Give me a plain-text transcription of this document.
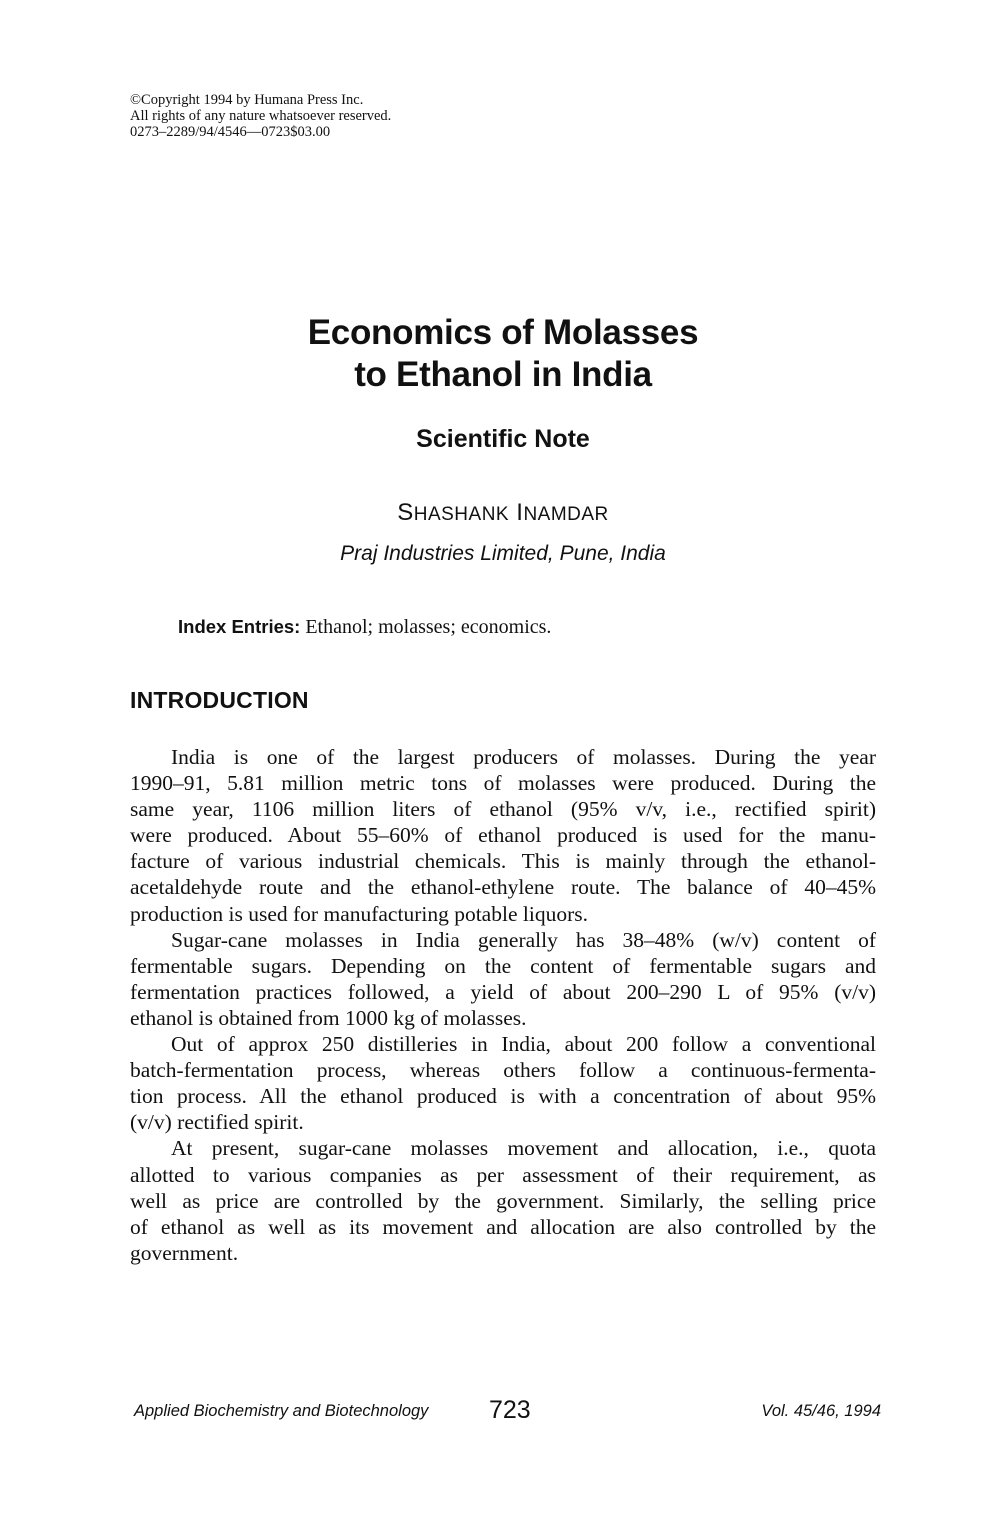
©Copyright 1994 by Humana Press Inc.
All rights of any nature whatsoever reserved.
0273–2289/94/4546—0723$03.00
Economics of Molasses
to Ethanol in India
Scientific Note
SHASHANK INAMDAR
Praj Industries Limited, Pune, India
Index Entries: Ethanol; molasses; economics.
INTRODUCTION
India is one of the largest producers of molasses. During the year
1990–91, 5.81 million metric tons of molasses were produced. During the
same year, 1106 million liters of ethanol (95% v/v, i.e., rectified spirit)
were produced. About 55–60% of ethanol produced is used for the manu-
facture of various industrial chemicals. This is mainly through the ethanol-
acetaldehyde route and the ethanol-ethylene route. The balance of 40–45%
production is used for manufacturing potable liquors.
Sugar-cane molasses in India generally has 38–48% (w/v) content of
fermentable sugars. Depending on the content of fermentable sugars and
fermentation practices followed, a yield of about 200–290 L of 95% (v/v)
ethanol is obtained from 1000 kg of molasses.
Out of approx 250 distilleries in India, about 200 follow a conventional
batch-fermentation process, whereas others follow a continuous-fermenta-
tion process. All the ethanol produced is with a concentration of about 95%
(v/v) rectified spirit.
At present, sugar-cane molasses movement and allocation, i.e., quota
allotted to various companies as per assessment of their requirement, as
well as price are controlled by the government. Similarly, the selling price
of ethanol as well as its movement and allocation are also controlled by the
government.
Applied Biochemistry and Biotechnology 723	Vol. 45/46, 1994
